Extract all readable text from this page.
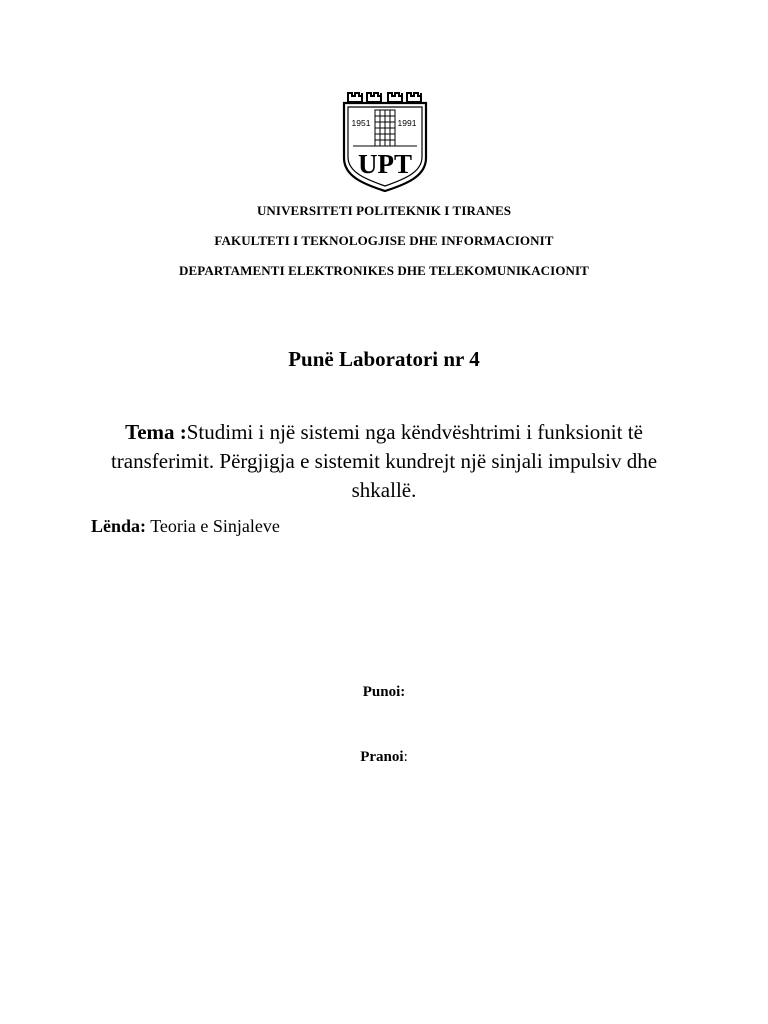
1951	1991
UPT
UNIVERSITETI POLITEKNIK I TIRANES
FAKULTETI I TEKNOLOGJISE DHE INFORMACIONIT
DEPARTAMENTI ELEKTRONIKES DHE TELEKOMUNIKACIONIT
Punë Laboratori nr 4
Tema :Studimi i një sistemi nga këndvështrimi i funksionit të transferimit. Përgjigja e sistemit kundrejt një sinjali impulsiv dhe shkallë.
Lënda: Teoria e Sinjaleve
Punoi:
Pranoi:
